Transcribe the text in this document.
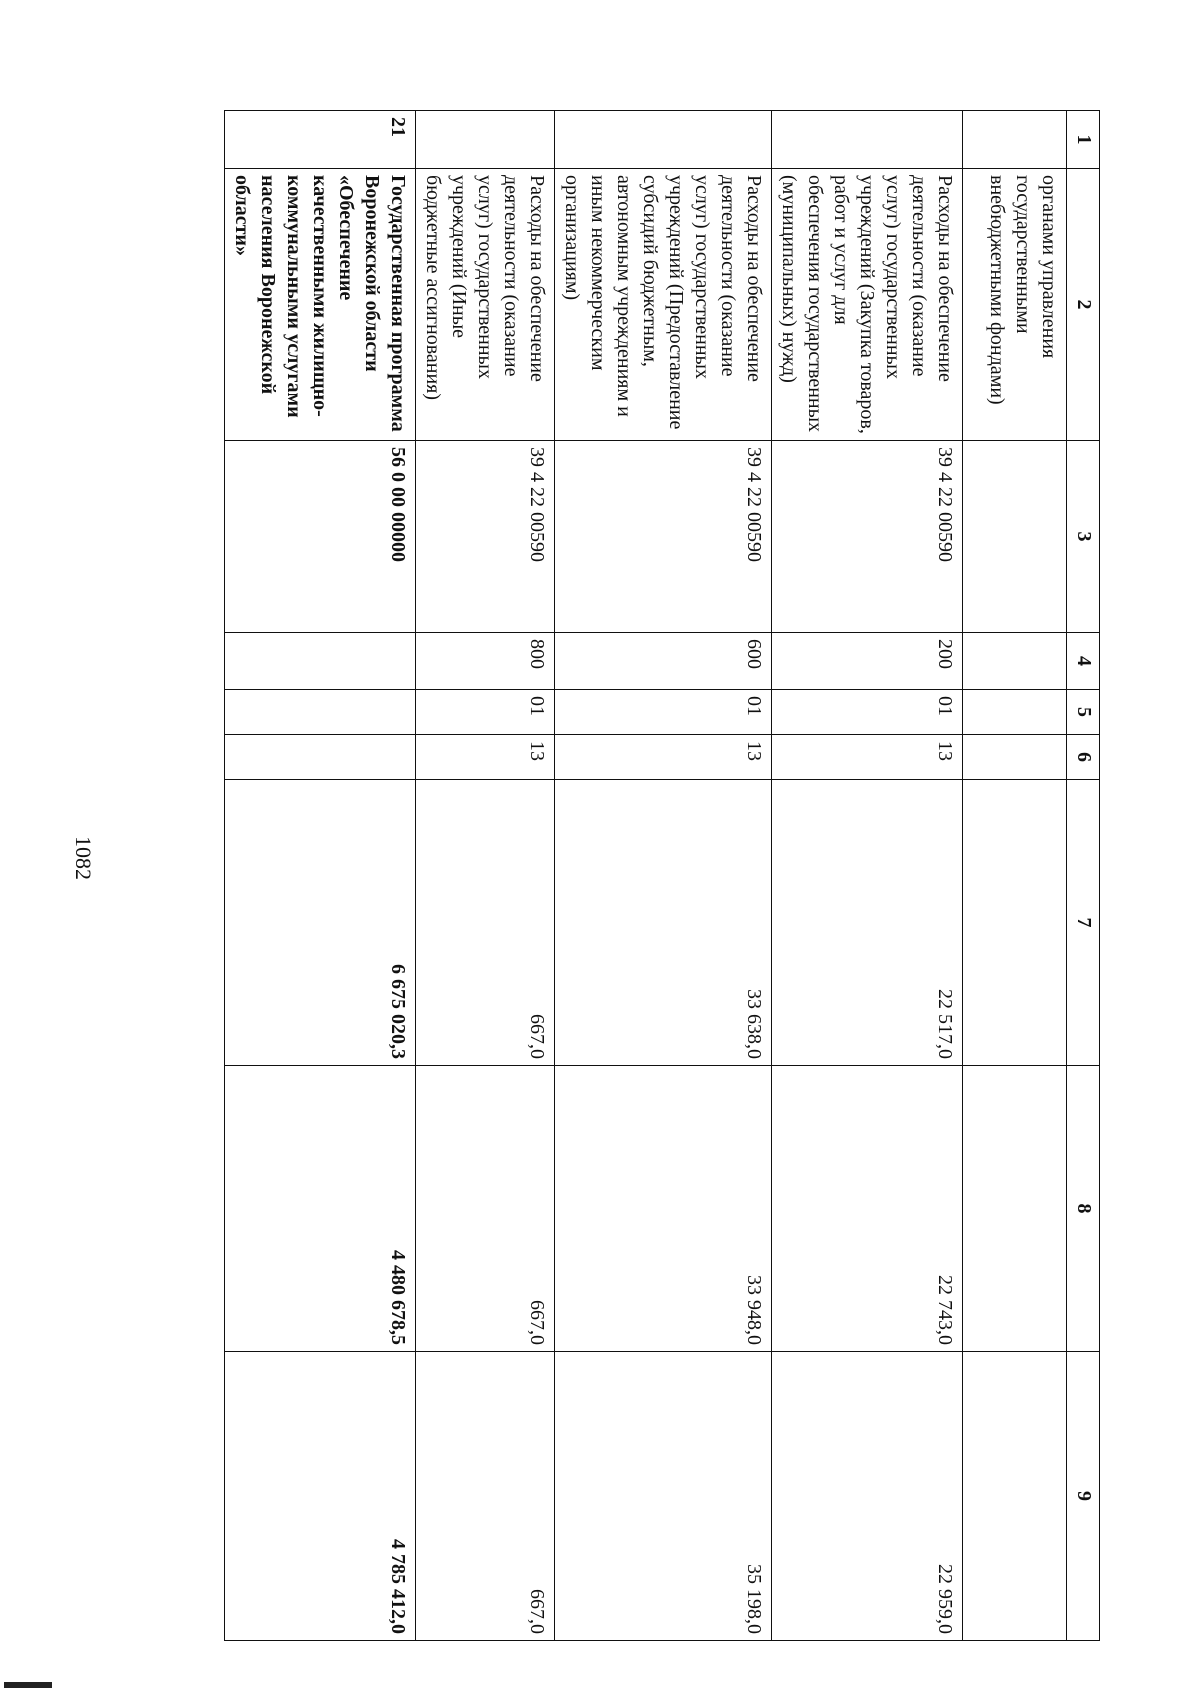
1082
1	2	3	4	5	6	7	8	9
	органами управления государственными внебюджетными фондами)							
	Расходы на обеспечение деятельности (оказание услуг) государственных учреждений (Закупка товаров, работ и услуг для обеспечения государственных (муниципальных) нужд)	39 4 22 00590	200	01	13	22 517,0	22 743,0	22 959,0
	Расходы на обеспечение деятельности (оказание услуг) государственных учреждений (Предоставление субсидий бюджетным, автономным учреждениям и иным некоммерческим организациям)	39 4 22 00590	600	01	13	33 638,0	33 948,0	35 198,0
	Расходы на обеспечение деятельности (оказание услуг) государственных учреждений (Иные бюджетные ассигнования)	39 4 22 00590	800	01	13	667,0	667,0	667,0
21	Государственная программа Воронежской области «Обеспечение качественными жилищно-коммунальными услугами населения Воронежской области»	56 0 00 00000				6 675 020,3	4 480 678,5	4 785 412,0
